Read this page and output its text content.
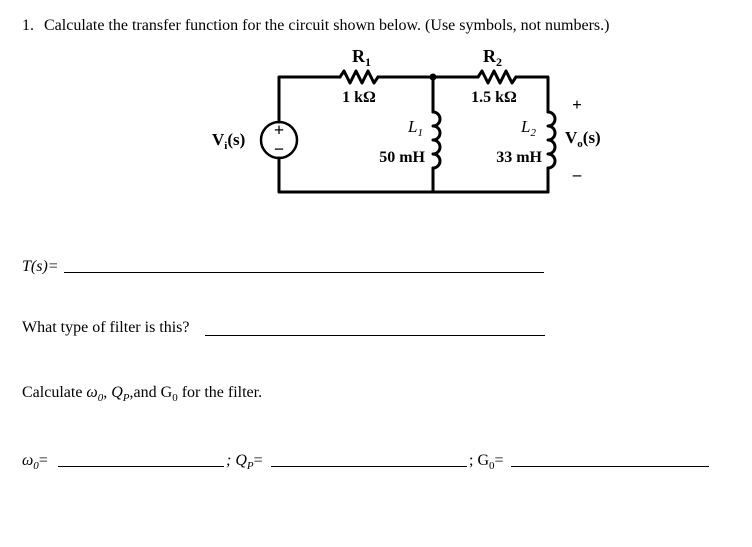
1. Calculate the transfer function for the circuit shown below. (Use symbols, not numbers.)
+
−
$R_1$
1 kΩ
$R_2$
1.5 kΩ
$L_1$
50 mH
$L_2$
33 mH
$V_i(s)$
+
$V_o(s)$
–
T(s)=
What type of filter is this?
Calculate $\omega_0$, $Q_P,and$ $G_0$ for the filter.
$\omega_0=$	; $Q_P=$	; $G_0=$
